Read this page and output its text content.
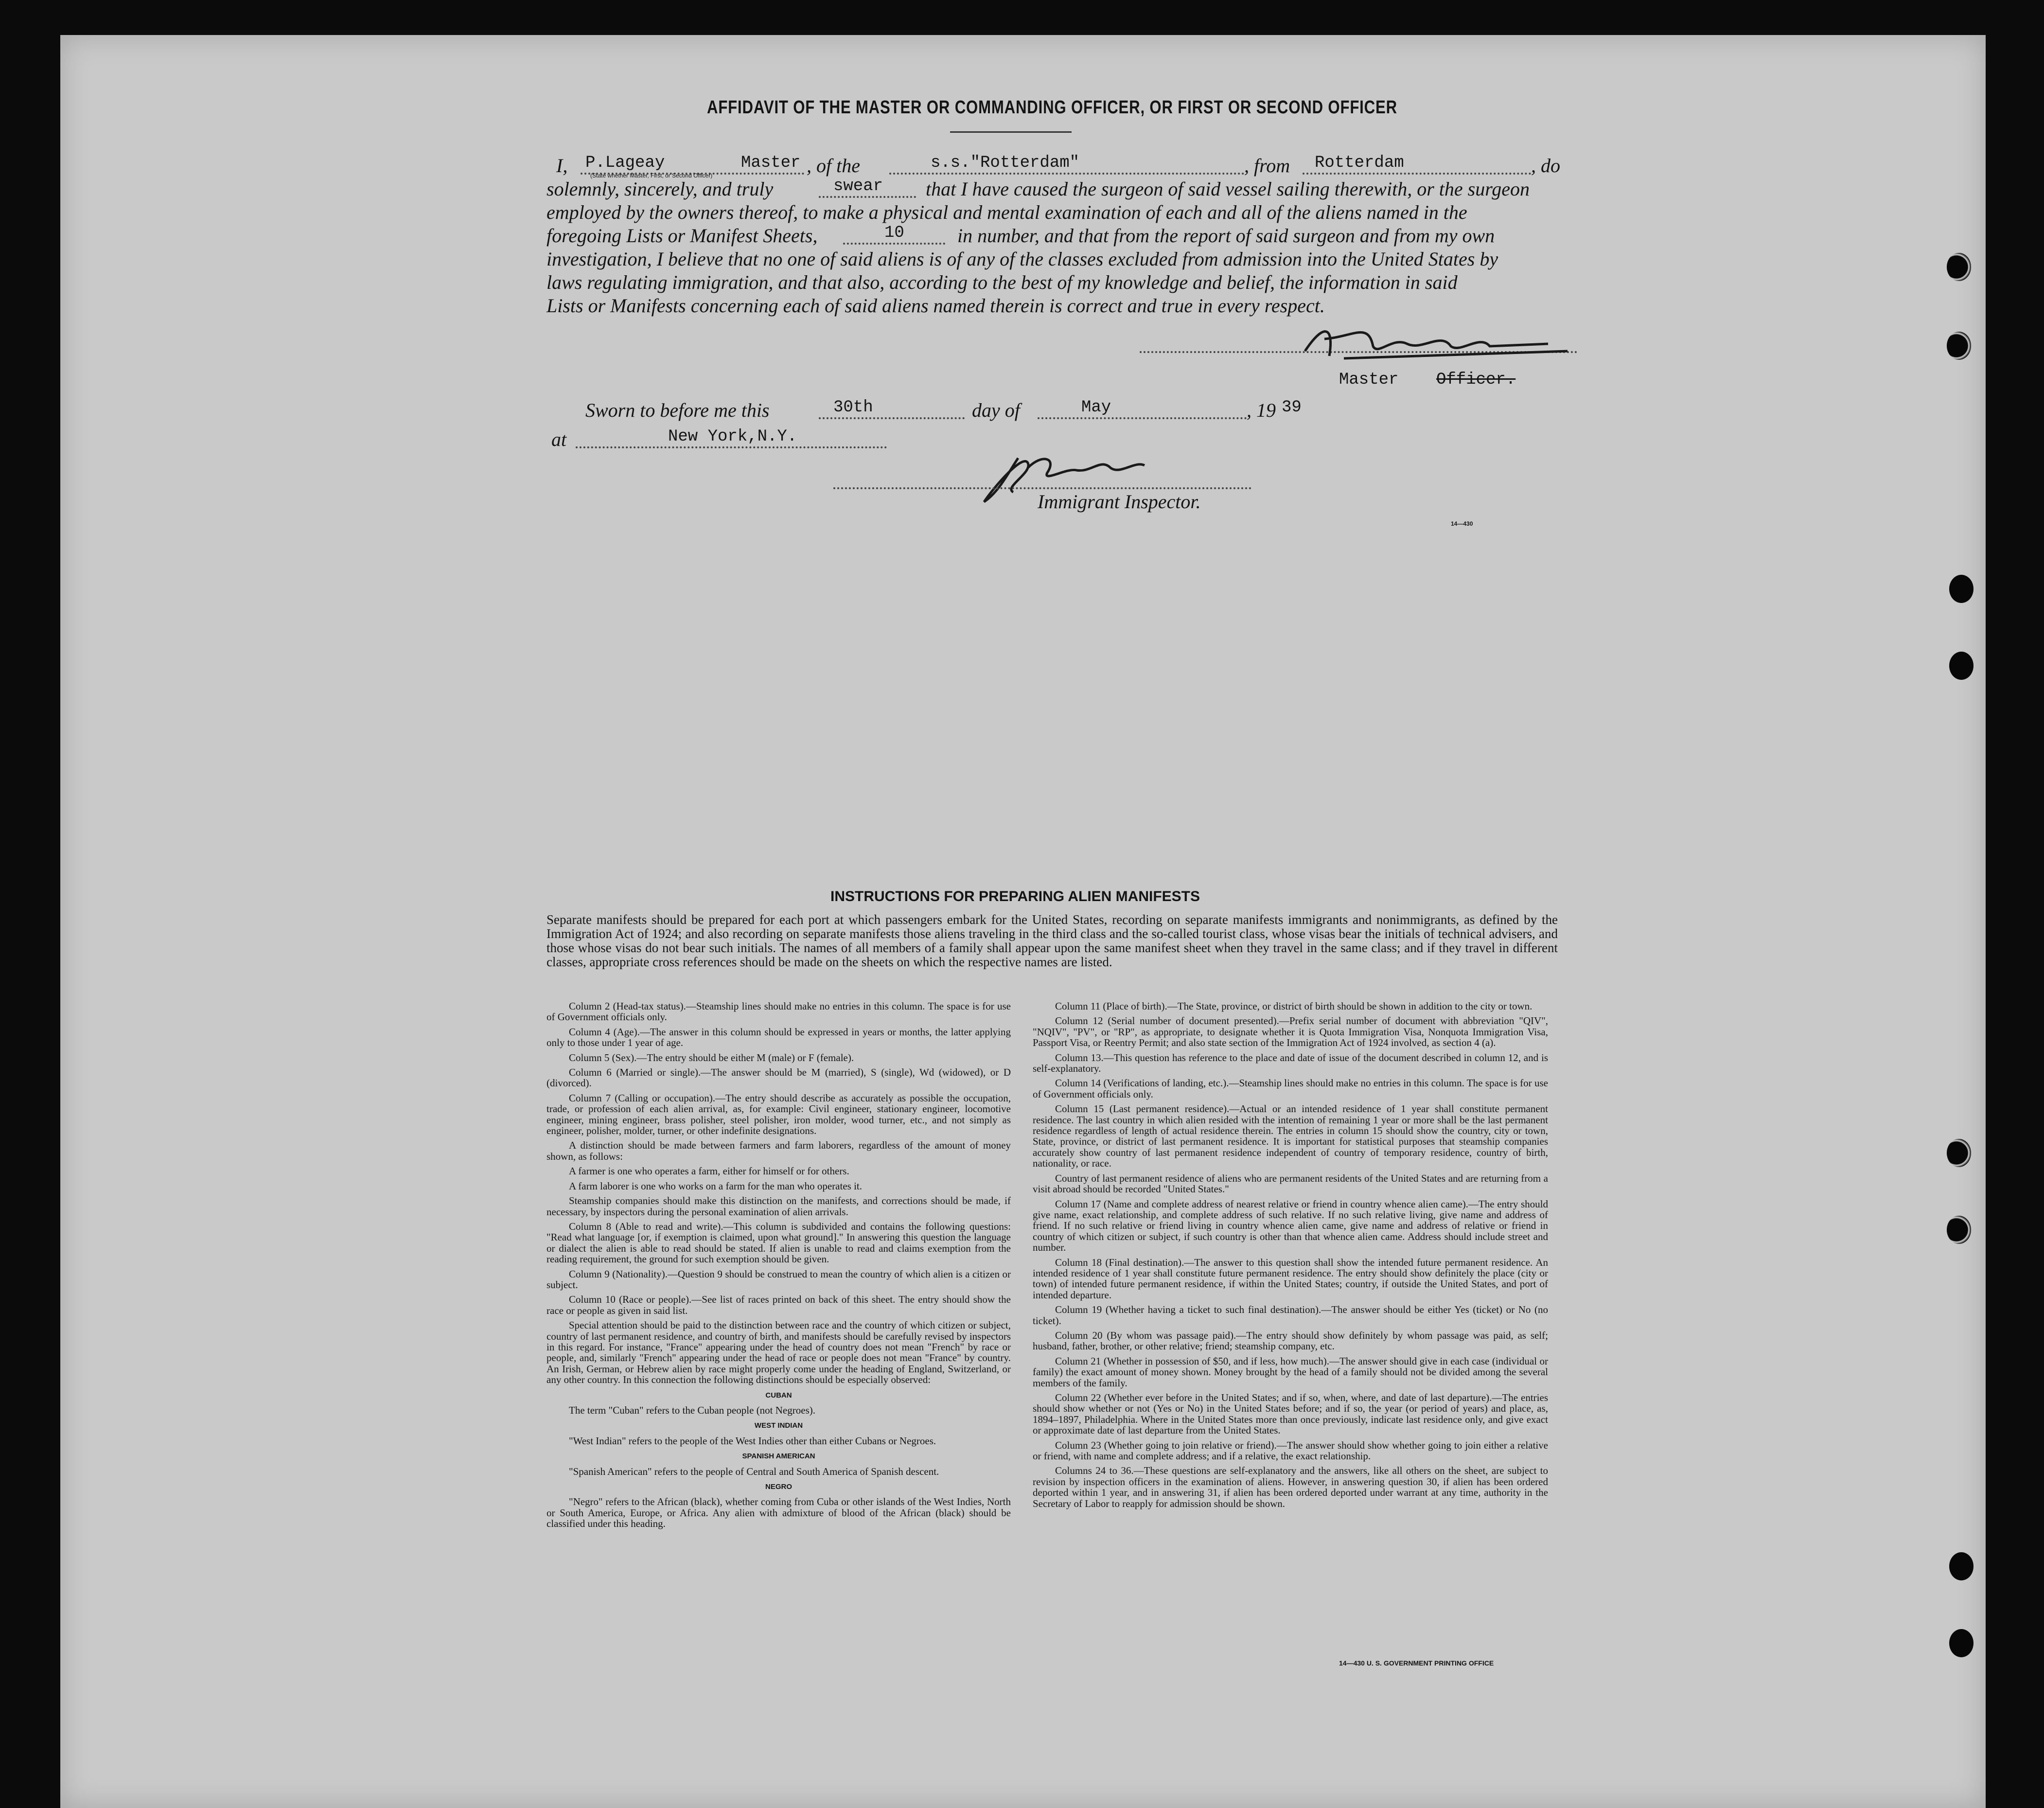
AFFIDAVIT OF THE MASTER OR COMMANDING OFFICER, OR FIRST OR SECOND OFFICER
I, P.Lageay
(State whether Master, First, or Second Officer)
Master , of the	s.s."Rotterdam"	, from Rotterdam	, do
solemnly, sincerely, and truly	swear that I have caused the surgeon of said vessel sailing therewith, or the surgeon
employed by the owners thereof, to make a physical and mental examination of each and all of the aliens named in the
foregoing Lists or Manifest Sheets,	10	in number, and that from the report of said surgeon and from my own
investigation, I believe that no one of said aliens is of any of the classes excluded from admission into the United States by
laws regulating immigration, and that also, according to the best of my knowledge and belief, the information in said
Lists or Manifests concerning each of said aliens named therein is correct and true in every respect.
Master Officer.
Sworn to before me this	30th	day of	May	, 19 39
at	New York,N.Y.
Immigrant Inspector.
14—430
INSTRUCTIONS FOR PREPARING ALIEN MANIFESTS
Separate manifests should be prepared for each port at which passengers embark for the United States, recording on separate manifests immigrants and nonimmigrants, as defined by the Immigration Act of 1924; and also recording on separate manifests those aliens traveling in the third class and the so-called tourist class, whose visas bear the initials of technical advisers, and those whose visas do not bear such initials. The names of all members of a family shall appear upon the same manifest sheet when they travel in the same class; and if they travel in different classes, appropriate cross references should be made on the sheets on which the respective names are listed.

Column 2 (Head-tax status).—Steamship lines should make no entries in this column. The space is for use of Government officials only.

Column 4 (Age).—The answer in this column should be expressed in years or months, the latter applying only to those under 1 year of age.

Column 5 (Sex).—The entry should be either M (male) or F (female).

Column 6 (Married or single).—The answer should be M (married), S (single), Wd (widowed), or D (divorced).

Column 7 (Calling or occupation).—The entry should describe as accurately as possible the occupation, trade, or profession of each alien arrival, as, for example: Civil engineer, stationary engineer, locomotive engineer, mining engineer, brass polisher, steel polisher, iron molder, wood turner, etc., and not simply as engineer, polisher, molder, turner, or other indefinite designations.

A distinction should be made between farmers and farm laborers, regardless of the amount of money shown, as follows:

A farmer is one who operates a farm, either for himself or for others.

A farm laborer is one who works on a farm for the man who operates it.

Steamship companies should make this distinction on the manifests, and corrections should be made, if necessary, by inspectors during the personal examination of alien arrivals.

Column 8 (Able to read and write).—This column is subdivided and contains the following questions: "Read what language [or, if exemption is claimed, upon what ground]." In answering this question the language or dialect the alien is able to read should be stated. If alien is unable to read and claims exemption from the reading requirement, the ground for such exemption should be given.

Column 9 (Nationality).—Question 9 should be construed to mean the country of which alien is a citizen or subject.

Column 10 (Race or people).—See list of races printed on back of this sheet. The entry should show the race or people as given in said list.

Special attention should be paid to the distinction between race and the country of which citizen or subject, country of last permanent residence, and country of birth, and manifests should be carefully revised by inspectors in this regard. For instance, "France" appearing under the head of country does not mean "French" by race or people, and, similarly "French" appearing under the head of race or people does not mean "France" by country. An Irish, German, or Hebrew alien by race might properly come under the heading of England, Switzerland, or any other country. In this connection the following distinctions should be especially observed:

CUBAN

The term "Cuban" refers to the Cuban people (not Negroes).

WEST INDIAN

"West Indian" refers to the people of the West Indies other than either Cubans or Negroes.

SPANISH AMERICAN

"Spanish American" refers to the people of Central and South America of Spanish descent.

NEGRO

"Negro" refers to the African (black), whether coming from Cuba or other islands of the West Indies, North or South America, Europe, or Africa. Any alien with admixture of blood of the African (black) should be classified under this heading.

Column 11 (Place of birth).—The State, province, or district of birth should be shown in addition to the city or town.

Column 12 (Serial number of document presented).—Prefix serial number of document with abbreviation "QIV", "NQIV", "PV", or "RP", as appropriate, to designate whether it is Quota Immigration Visa, Nonquota Immigration Visa, Passport Visa, or Reentry Permit; and also state section of the Immigration Act of 1924 involved, as section 4 (a).

Column 13.—This question has reference to the place and date of issue of the document described in column 12, and is self-explanatory.

Column 14 (Verifications of landing, etc.).—Steamship lines should make no entries in this column. The space is for use of Government officials only.

Column 15 (Last permanent residence).—Actual or an intended residence of 1 year shall constitute permanent residence. The last country in which alien resided with the intention of remaining 1 year or more shall be the last permanent residence regardless of length of actual residence therein. The entries in column 15 should show the country, city or town, State, province, or district of last permanent residence. It is important for statistical purposes that steamship companies accurately show country of last permanent residence independent of country of temporary residence, country of birth, nationality, or race.

Country of last permanent residence of aliens who are permanent residents of the United States and are returning from a visit abroad should be recorded "United States."

Column 17 (Name and complete address of nearest relative or friend in country whence alien came).—The entry should give name, exact relationship, and complete address of such relative. If no such relative living, give name and address of friend. If no such relative or friend living in country whence alien came, give name and address of relative or friend in country of which citizen or subject, if such country is other than that whence alien came. Address should include street and number.

Column 18 (Final destination).—The answer to this question shall show the intended future permanent residence. An intended residence of 1 year shall constitute future permanent residence. The entry should show definitely the place (city or town) of intended future permanent residence, if within the United States; country, if outside the United States, and port of intended departure.

Column 19 (Whether having a ticket to such final destination).—The answer should be either Yes (ticket) or No (no ticket).

Column 20 (By whom was passage paid).—The entry should show definitely by whom passage was paid, as self; husband, father, brother, or other relative; friend; steamship company, etc.

Column 21 (Whether in possession of $50, and if less, how much).—The answer should give in each case (individual or family) the exact amount of money shown. Money brought by the head of a family should not be divided among the several members of the family.

Column 22 (Whether ever before in the United States; and if so, when, where, and date of last departure).—The entries should show whether or not (Yes or No) in the United States before; and if so, the year (or period of years) and place, as, 1894–1897, Philadelphia. Where in the United States more than once previously, indicate last residence only, and give exact or approximate date of last departure from the United States.

Column 23 (Whether going to join relative or friend).—The answer should show whether going to join either a relative or friend, with name and complete address; and if a relative, the exact relationship.

Columns 24 to 36.—These questions are self-explanatory and the answers, like all others on the sheet, are subject to revision by inspection officers in the examination of aliens. However, in answering question 30, if alien has been ordered deported within 1 year, and in answering 31, if alien has been ordered deported under warrant at any time, authority in the Secretary of Labor to reapply for admission should be shown.

14—430 U. S. GOVERNMENT PRINTING OFFICE
